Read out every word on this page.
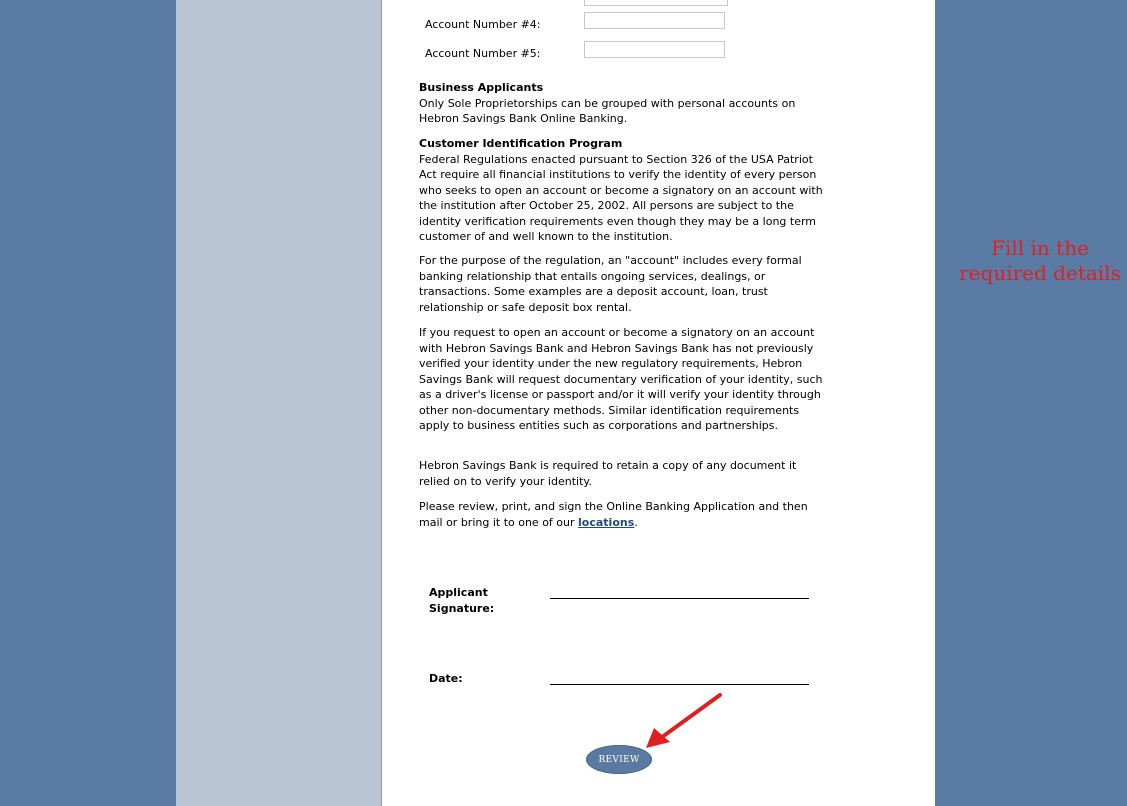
Account Number #4:
Account Number #5:
Business Applicants

Only Sole Proprietorships can be grouped with personal accounts on Hebron Savings Bank Online Banking.

Customer Identification Program

Federal Regulations enacted pursuant to Section 326 of the USA Patriot Act require all financial institutions to verify the identity of every person who seeks to open an account or become a signatory on an account with the institution after October 25, 2002. All persons are subject to the identity verification requirements even though they may be a long term customer of and well known to the institution.

For the purpose of the regulation, an "account" includes every formal banking relationship that entails ongoing services, dealings, or transactions. Some examples are a deposit account, loan, trust relationship or safe deposit box rental.

If you request to open an account or become a signatory on an account with Hebron Savings Bank and Hebron Savings Bank has not previously verified your identity under the new regulatory requirements, Hebron Savings Bank will request documentary verification of your identity, such as a driver's license or passport and/or it will verify your identity through other non-documentary methods. Similar identification requirements apply to business entities such as corporations and partnerships.

Hebron Savings Bank is required to retain a copy of any document it relied on to verify your identity.

Please review, print, and sign the Online Banking Application and then mail or bring it to one of our locations.

Applicant
Signature:
Date:
REVIEW
Fill in the
required details
